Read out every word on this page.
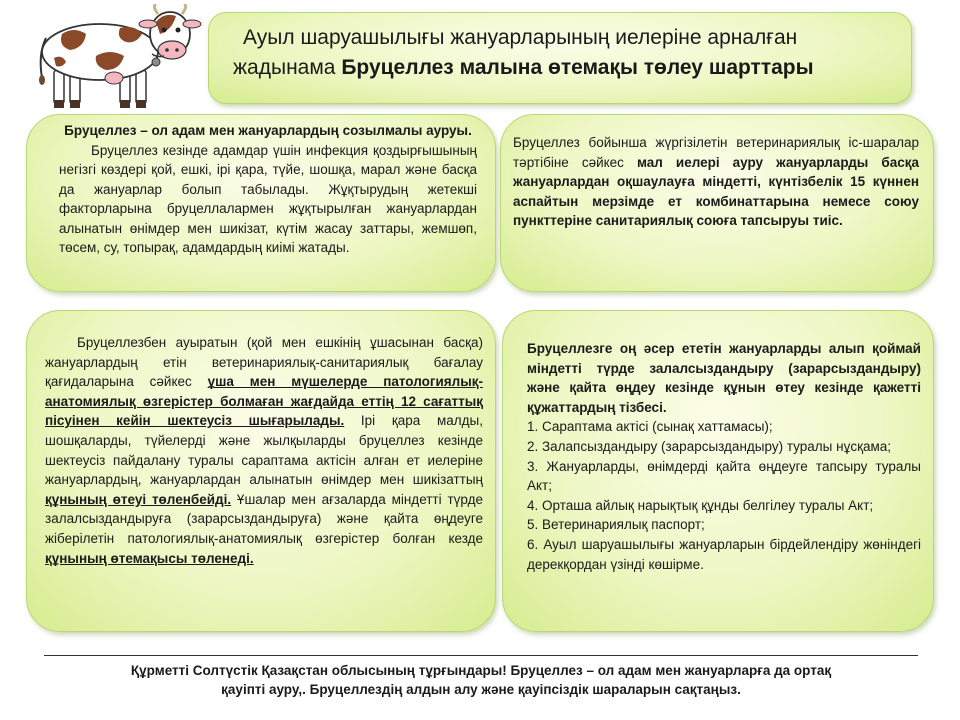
Ауыл шаруашылығы жануарларының иелеріне арналған
жадынама Бруцеллез малына өтемақы төлеу шарттары

Бруцеллез – ол адам мен жануарлардың созылмалы ауруы.

Бруцеллез кезінде адамдар үшін инфекция қоздырғышының негізгі көздері қой, ешкі, ірі қара, түйе, шошқа, марал және басқа да жануарлар болып табылады. Жұқтырудың жетекші факторларына бруцеллалармен жұқтырылған жануарлардан алынатын өнімдер мен шикізат, күтім жасау заттары, жемшөп, төсем, су, топырақ, адамдардың киімі жатады.

Бруцеллез бойынша жүргізілетін ветеринариялық іс-шаралар тәртібіне сәйкес мал иелері ауру жануарларды басқа жануарлардан оқшаулауға міндетті, күнтізбелік 15 күннен аспайтын мерзімде ет комбинаттарына немесе союу пункттеріне санитариялық союға тапсыруы тиіс.

Бруцеллезбен ауыратын (қой мен ешкінің ұшасынан басқа) жануарлардың етін ветеринариялық-санитариялық бағалау қағидаларына сәйкес ұша мен мүшелерде патологиялық-анатомиялық өзгерістер болмаған жағдайда еттің 12 сағаттық пісуінен кейін шектеусіз шығарылады. Ірі қара малды, шошқаларды, түйелерді және жылқыларды бруцеллез кезінде шектеусіз пайдалану туралы сараптама актісін алған ет иелеріне жануарлардың, жануарлардан алынатын өнімдер мен шикізаттың құнының өтеуі төленбейді. Ұшалар мен ағзаларда міндетті түрде залалсыздандыруға (зарарсыздандыруға) және қайта өңдеуге жіберілетін патологиялық-анатомиялық өзгерістер болған кезде құнының өтемақысы төленеді.

Бруцеллезге оң әсер ететін жануарларды алып қоймай міндетті түрде залалсыздандыру (зарарсыздандыру) және қайта өңдеу кезінде құнын өтеу кезінде қажетті құжаттардың тізбесі.

1. Сараптама актісі (сынақ хаттамасы);

2. Залапсыздандыру (зарарсыздандыру) туралы нұсқама;

3. Жануарларды, өнімдерді қайта өңдеуге тапсыру туралы Акт;

4. Орташа айлық нарықтық құнды белгілеу туралы Акт;

5. Ветеринариялық паспорт;

6. Ауыл шаруашылығы жануарларын бірдейлендіру жөніндегі дерекқордан үзінді көшірме.

Құрметті Солтүстік Қазақстан облысының тұрғындары! Бруцеллез – ол адам мен жануарларға да ортақ
қауіпті ауру,. Бруцеллездің алдын алу және қауіпсіздік шараларын сақтаңыз.
